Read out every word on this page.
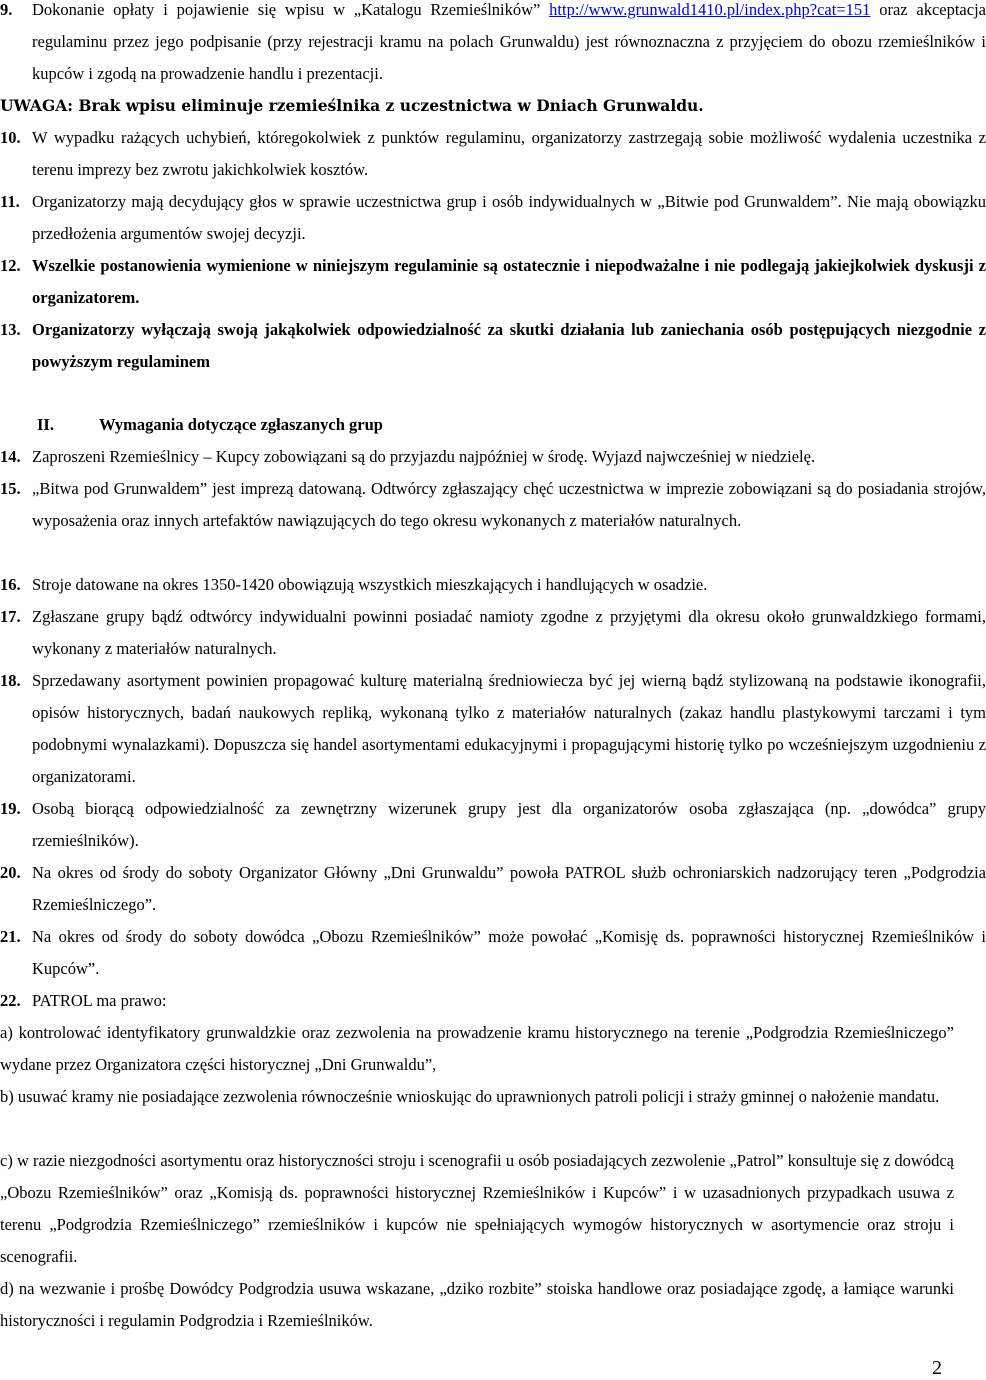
9. Dokonanie opłaty i pojawienie się wpisu w „Katalogu Rzemieślników” http://www.grunwald1410.pl/index.php?cat=151 oraz akceptacja regulaminu przez jego podpisanie (przy rejestracji kramu na polach Grunwaldu) jest równoznaczna z przyjęciem do obozu rzemieślników i kupców i zgodą na prowadzenie handlu i prezentacji.
UWAGA: Brak wpisu eliminuje rzemieślnika z uczestnictwa w Dniach Grunwaldu.
10. W wypadku rażących uchybień, któregokolwiek z punktów regulaminu, organizatorzy zastrzegają sobie możliwość wydalenia uczestnika z terenu imprezy bez zwrotu jakichkolwiek kosztów.
11. Organizatorzy mają decydujący głos w sprawie uczestnictwa grup i osób indywidualnych w „Bitwie pod Grunwaldem”. Nie mają obowiązku przedłożenia argumentów swojej decyzji.
12. Wszelkie postanowienia wymienione w niniejszym regulaminie są ostatecznie i niepodważalne i nie podlegają jakiejkolwiek dyskusji z organizatorem.
13. Organizatorzy wyłączają swoją jakąkolwiek odpowiedzialność za skutki działania lub zaniechania osób postępujących niezgodnie z powyższym regulaminem
II.	Wymagania dotyczące zgłaszanych grup
14. Zaproszeni Rzemieślnicy – Kupcy zobowiązani są do przyjazdu najpóźniej w środę. Wyjazd najwcześniej w niedzielę.
15. „Bitwa pod Grunwaldem” jest imprezą datowaną. Odtwórcy zgłaszający chęć uczestnictwa w imprezie zobowiązani są do posiadania strojów, wyposażenia oraz innych artefaktów nawiązujących do tego okresu wykonanych z materiałów naturalnych.
16. Stroje datowane na okres 1350-1420 obowiązują wszystkich mieszkających i handlujących w osadzie.
17. Zgłaszane grupy bądź odtwórcy indywidualni powinni posiadać namioty zgodne z przyjętymi dla okresu około grunwaldzkiego formami, wykonany z materiałów naturalnych.
18. Sprzedawany asortyment powinien propagować kulturę materialną średniowiecza być jej wierną bądź stylizowaną na podstawie ikonografii, opisów historycznych, badań naukowych repliką, wykonaną tylko z materiałów naturalnych (zakaz handlu plastykowymi tarczami i tym podobnymi wynalazkami). Dopuszcza się handel asortymentami edukacyjnymi i propagującymi historię tylko po wcześniejszym uzgodnieniu z organizatorami.
19. Osobą biorącą odpowiedzialność za zewnętrzny wizerunek grupy jest dla organizatorów osoba zgłaszająca (np. „dowódca” grupy rzemieślników).
20. Na okres od środy do soboty Organizator Główny „Dni Grunwaldu” powoła PATROL służb ochroniarskich nadzorujący teren „Podgrodzia Rzemieślniczego”.
21. Na okres od środy do soboty dowódca „Obozu Rzemieślników” może powołać „Komisję ds. poprawności historycznej Rzemieślników i Kupców”.
22. PATROL ma prawo:
a) kontrolować identyfikatory grunwaldzkie oraz zezwolenia na prowadzenie kramu historycznego na terenie „Podgrodzia Rzemieślniczego” wydane przez Organizatora części historycznej „Dni Grunwaldu”,
b) usuwać kramy nie posiadające zezwolenia równocześnie wnioskując do uprawnionych patroli policji i straży gminnej o nałożenie mandatu.
c) w razie niezgodności asortymentu oraz historyczności stroju i scenografii u osób posiadających zezwolenie „Patrol” konsultuje się z dowódcą „Obozu Rzemieślników” oraz „Komisją ds. poprawności historycznej Rzemieślników i Kupców” i w uzasadnionych przypadkach usuwa z terenu „Podgrodzia Rzemieślniczego” rzemieślników i kupców nie spełniających wymogów historycznych w asortymencie oraz stroju i scenografii.
d) na wezwanie i prośbę Dowódcy Podgrodzia usuwa wskazane, „dziko rozbite” stoiska handlowe oraz posiadające zgodę, a łamiące warunki historyczności i regulamin Podgrodzia i Rzemieślników.
2
